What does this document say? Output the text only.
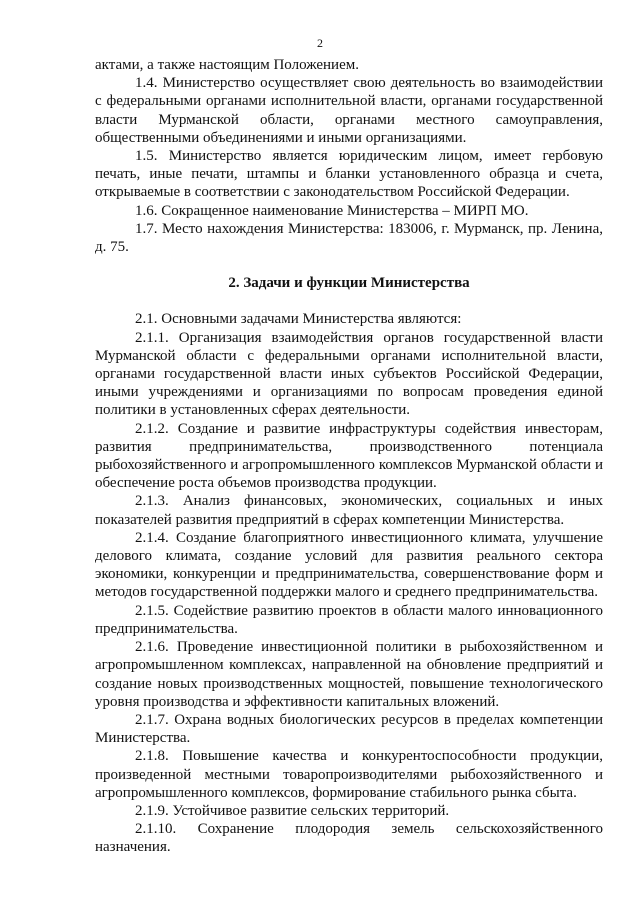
2

актами, а также настоящим Положением.

1.4. Министерство осуществляет свою деятельность во взаимодействии с федеральными органами исполнительной власти, органами государственной власти Мурманской области, органами местного самоуправления, общественными объединениями и иными организациями.

1.5. Министерство является юридическим лицом, имеет гербовую печать, иные печати, штампы и бланки установленного образца и счета, открываемые в соответствии с законодательством Российской Федерации.

1.6. Сокращенное наименование Министерства – МИРП МО.

1.7. Место нахождения Министерства: 183006, г. Мурманск, пр. Ленина, д. 75.

2. Задачи и функции Министерства

2.1. Основными задачами Министерства являются:

2.1.1. Организация взаимодействия органов государственной власти Мурманской области с федеральными органами исполнительной власти, органами государственной власти иных субъектов Российской Федерации, иными учреждениями и организациями по вопросам проведения единой политики в установленных сферах деятельности.

2.1.2. Создание и развитие инфраструктуры содействия инвесторам, развития предпринимательства, производственного потенциала рыбохозяйственного и агропромышленного комплексов Мурманской области и обеспечение роста объемов производства продукции.

2.1.3. Анализ финансовых, экономических, социальных и иных показателей развития предприятий в сферах компетенции Министерства.

2.1.4. Создание благоприятного инвестиционного климата, улучшение делового климата, создание условий для развития реального сектора экономики, конкуренции и предпринимательства, совершенствование форм и методов государственной поддержки малого и среднего предпринимательства.

2.1.5. Содействие развитию проектов в области малого инновационного предпринимательства.

2.1.6. Проведение инвестиционной политики в рыбохозяйственном и агропромышленном комплексах, направленной на обновление предприятий и создание новых производственных мощностей, повышение технологического уровня производства и эффективности капитальных вложений.

2.1.7. Охрана водных биологических ресурсов в пределах компетенции Министерства.

2.1.8. Повышение качества и конкурентоспособности продукции, произведенной местными товаропроизводителями рыбохозяйственного и агропромышленного комплексов, формирование стабильного рынка сбыта.

2.1.9. Устойчивое развитие сельских территорий.

2.1.10. Сохранение плодородия земель сельскохозяйственного назначения.
